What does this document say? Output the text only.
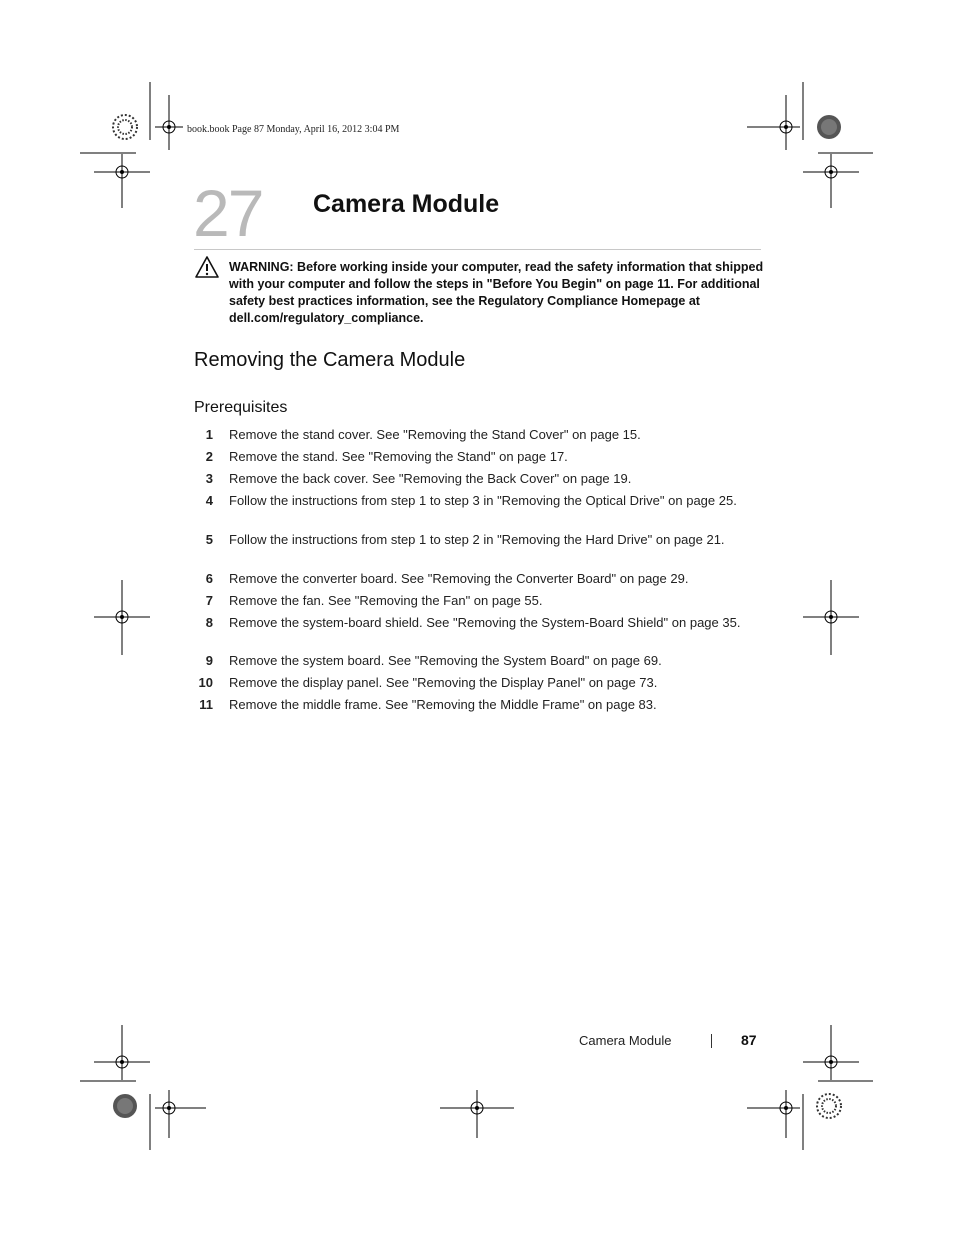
book.book Page 87 Monday, April 16, 2012 3:04 PM
27 Camera Module
WARNING: Before working inside your computer, read the safety information that shipped with your computer and follow the steps in "Before You Begin" on page 11. For additional safety best practices information, see the Regulatory Compliance Homepage at dell.com/regulatory_compliance.
Removing the Camera Module
Prerequisites
1 Remove the stand cover. See "Removing the Stand Cover" on page 15.
2 Remove the stand. See "Removing the Stand" on page 17.
3 Remove the back cover. See "Removing the Back Cover" on page 19.
4 Follow the instructions from step 1 to step 3 in "Removing the Optical Drive" on page 25.
5 Follow the instructions from step 1 to step 2 in "Removing the Hard Drive" on page 21.
6 Remove the converter board. See "Removing the Converter Board" on page 29.
7 Remove the fan. See "Removing the Fan" on page 55.
8 Remove the system-board shield. See "Removing the System-Board Shield" on page 35.
9 Remove the system board. See "Removing the System Board" on page 69.
10 Remove the display panel. See "Removing the Display Panel" on page 73.
11 Remove the middle frame. See "Removing the Middle Frame" on page 83.
Camera Module	87
